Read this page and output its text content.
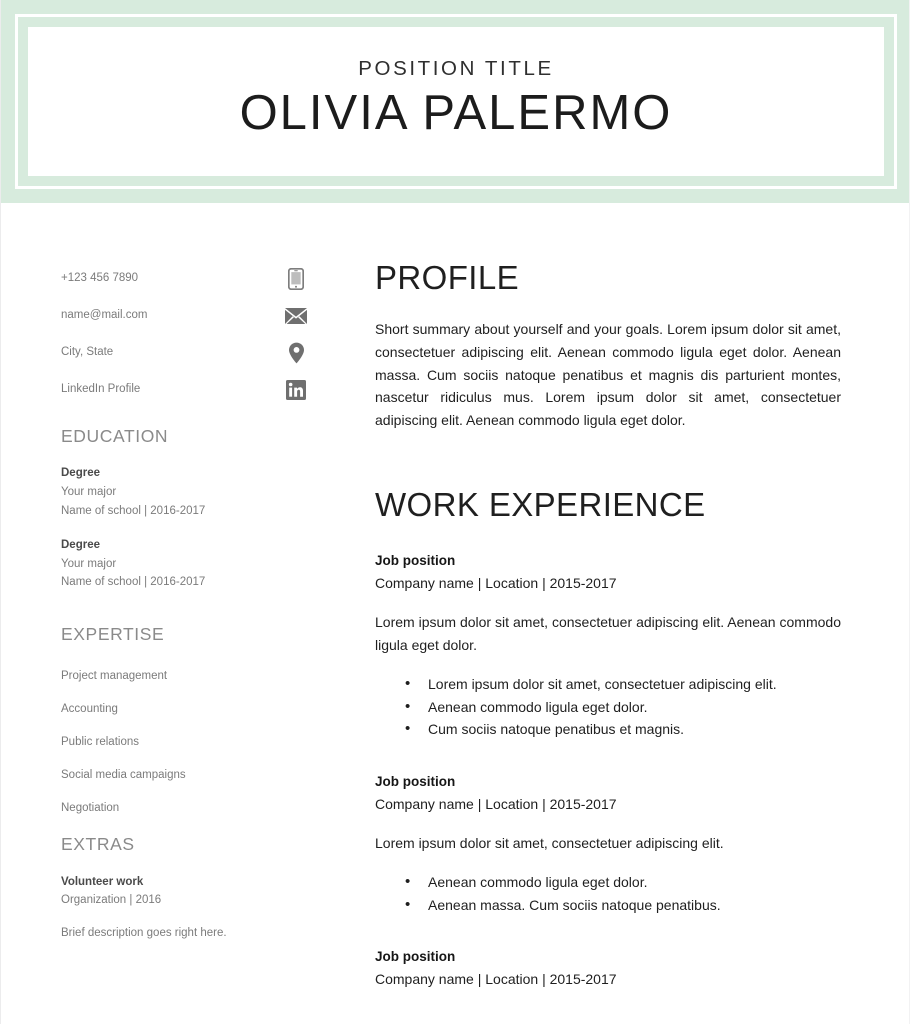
POSITION TITLE
OLIVIA PALERMO
+123 456 7890
name@mail.com
City, State
LinkedIn Profile
EDUCATION
Degree
Your major
Name of school | 2016-2017
Degree
Your major
Name of school | 2016-2017
EXPERTISE
Project management
Accounting
Public relations
Social media campaigns
Negotiation
EXTRAS
Volunteer work
Organization | 2016
Brief description goes right here.
PROFILE

Short summary about yourself and your goals. Lorem ipsum dolor sit amet, consectetuer adipiscing elit. Aenean commodo ligula eget dolor. Aenean massa. Cum sociis natoque penatibus et magnis dis parturient montes, nascetur ridiculus mus. Lorem ipsum dolor sit amet, consectetuer adipiscing elit. Aenean commodo ligula eget dolor.

WORK EXPERIENCE
Job position
Company name | Location | 2015-2017

Lorem ipsum dolor sit amet, consectetuer adipiscing elit. Aenean commodo ligula eget dolor.

• Lorem ipsum dolor sit amet, consectetuer adipiscing elit.
• Aenean commodo ligula eget dolor.
• Cum sociis natoque penatibus et magnis.
Job position
Company name | Location | 2015-2017

Lorem ipsum dolor sit amet, consectetuer adipiscing elit.

• Aenean commodo ligula eget dolor.
• Aenean massa. Cum sociis natoque penatibus.
Job position
Company name | Location | 2015-2017
